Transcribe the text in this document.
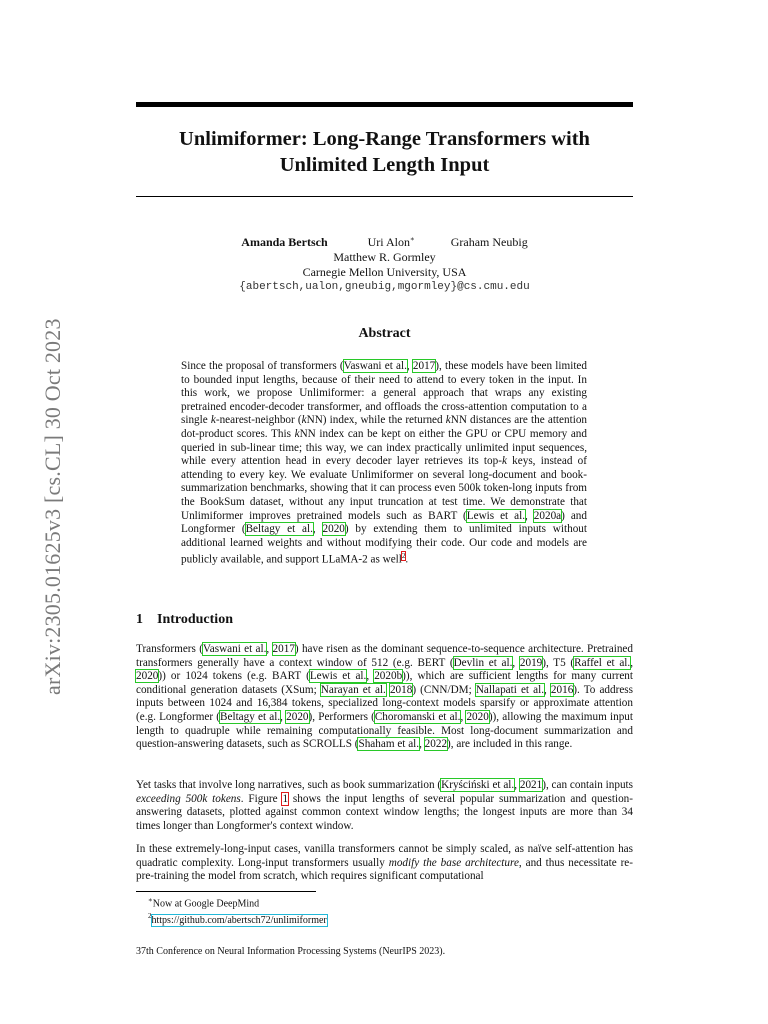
arXiv:2305.01625v3 [cs.CL] 30 Oct 2023
Unlimiformer: Long-Range Transformers with
Unlimited Length Input
Amanda Bertsch	Uri Alon∗	Graham Neubig
Matthew R. Gormley
Carnegie Mellon University, USA
{abertsch,ualon,gneubig,mgormley}@cs.cmu.edu
Abstract
Since the proposal of transformers (Vaswani et al., 2017), these models have been limited to bounded input lengths, because of their need to attend to every token in the input. In this work, we propose Unlimiformer: a general approach that wraps any existing pretrained encoder-decoder transformer, and offloads the cross-attention computation to a single k-nearest-neighbor (kNN) index, while the returned kNN distances are the attention dot-product scores. This kNN index can be kept on either the GPU or CPU memory and queried in sub-linear time; this way, we can index practically unlimited input sequences, while every attention head in every decoder layer retrieves its top-k keys, instead of attending to every key. We evaluate Unlimiformer on several long-document and book-summarization benchmarks, showing that it can process even 500k token-long inputs from the BookSum dataset, without any input truncation at test time. We demonstrate that Unlimiformer improves pretrained models such as BART (Lewis et al., 2020a) and Longformer (Beltagy et al., 2020) by extending them to unlimited inputs without additional learned weights and without modifying their code. Our code and models are publicly available, and support LLaMA-2 as well$^2$.
1 Introduction

Transformers (Vaswani et al., 2017) have risen as the dominant sequence-to-sequence architecture. Pretrained transformers generally have a context window of 512 (e.g. BERT (Devlin et al., 2019), T5 (Raffel et al., 2020)) or 1024 tokens (e.g. BART (Lewis et al., 2020b)), which are sufficient lengths for many current conditional generation datasets (XSum; Narayan et al. 2018) (CNN/DM; Nallapati et al., 2016). To address inputs between 1024 and 16,384 tokens, specialized long-context models sparsify or approximate attention (e.g. Longformer (Beltagy et al., 2020), Performers (Choromanski et al., 2020)), allowing the maximum input length to quadruple while remaining computationally feasible. Most long-document summarization and question-answering datasets, such as SCROLLS (Shaham et al., 2022), are included in this range.

Yet tasks that involve long narratives, such as book summarization (Kryściński et al., 2021), can contain inputs exceeding 500k tokens. Figure 1 shows the input lengths of several popular summarization and question-answering datasets, plotted against common context window lengths; the longest inputs are more than 34 times longer than Longformer's context window.

In these extremely-long-input cases, vanilla transformers cannot be simply scaled, as naïve self-attention has quadratic complexity. Long-input transformers usually modify the base architecture, and thus necessitate re-pre-training the model from scratch, which requires significant computational

∗Now at Google DeepMind
$^2$https://github.com/abertsch72/unlimiformer
37th Conference on Neural Information Processing Systems (NeurIPS 2023).
